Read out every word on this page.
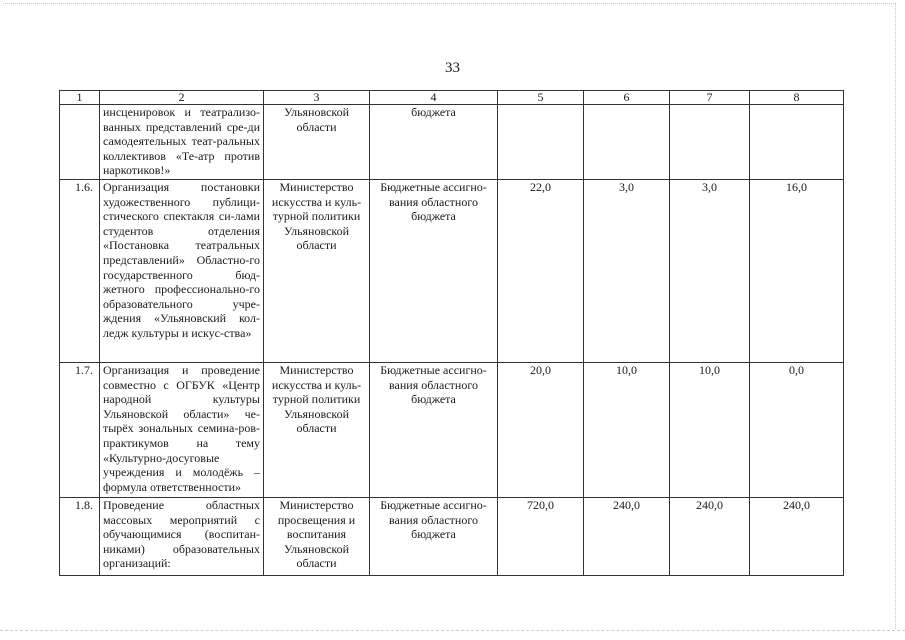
33
1	2	3	4	5	6	7	8
	инсценировок и театрализо-ванных представлений сре-ди самодеятельных теат-ральных коллективов «Те-атр против наркотиков!»	Ульяновской области	бюджета				
1.6.	Организация постановки художественного публици-стического спектакля си-лами студентов отделения «Постановка театральных представлений» Областно-го государственного бюд-жетного профессионально-го образовательного учре-ждения «Ульяновский кол-ледж культуры и искус-ства»	Министерство искусства и куль-турной политики Ульяновской области	Бюджетные ассигно-вания областного бюджета	22,0	3,0	3,0	16,0
1.7.	Организация и проведение совместно с ОГБУК «Центр народной культуры Ульяновской области» че-тырёх зональных семина-ров-практикумов на тему «Культурно-досуговые учреждения и молодёжь – формула ответственности»	Министерство искусства и куль-турной политики Ульяновской области	Бюджетные ассигно-вания областного бюджета	20,0	10,0	10,0	0,0
1.8.	Проведение областных массовых мероприятий с обучающимися (воспитан-никами) образовательных организаций:	Министерство просвещения и воспитания Ульяновской области	Бюджетные ассигно-вания областного бюджета	720,0	240,0	240,0	240,0
